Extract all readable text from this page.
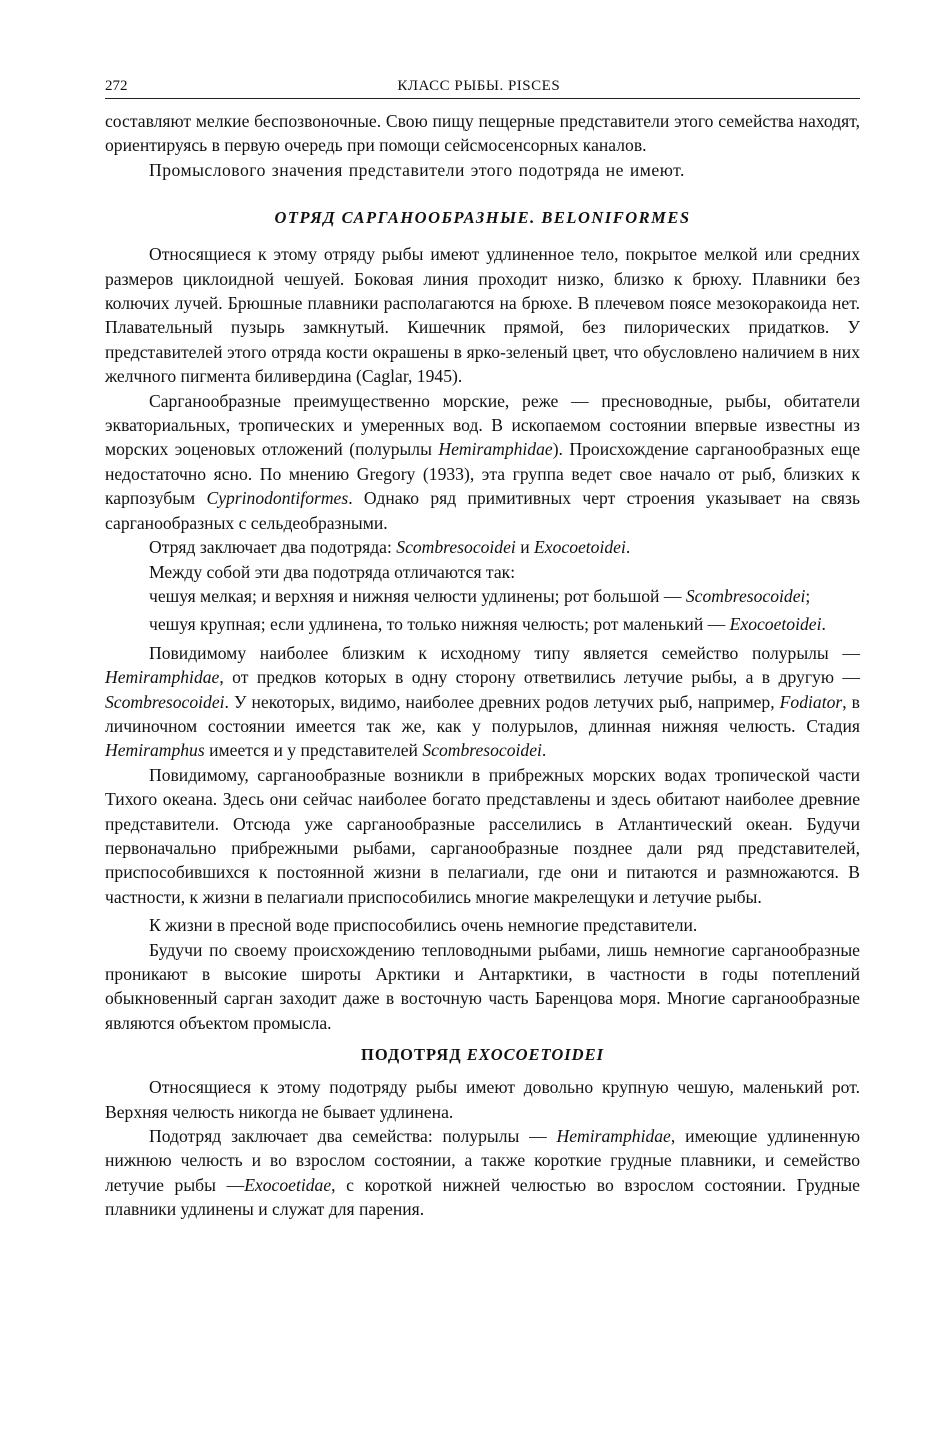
272	КЛАСС РЫБЫ. PISCES

составляют мелкие беспозвоночные. Свою пищу пещерные представители этого семейства находят, ориентируясь в первую очередь при помощи сейсмосенсорных каналов.

Промыслового значения представители этого подотряда не имеют.

ОТРЯД САРГАНООБРАЗНЫЕ. BELONIFORMES

Относящиеся к этому отряду рыбы имеют удлиненное тело, покрытое мелкой или средних размеров циклоидной чешуей. Боковая линия проходит низко, близко к брюху. Плавники без колючих лучей. Брюшные плавники располагаются на брюхе. В плечевом поясе мезокоракоида нет. Плавательный пузырь замкнутый. Кишечник прямой, без пилорических придатков. У представителей этого отряда кости окрашены в ярко-зеленый цвет, что обусловлено наличием в них желчного пигмента биливердина (Caglar, 1945).

Сарганообразные преимущественно морские, реже — пресноводные, рыбы, обитатели экваториальных, тропических и умеренных вод. В ископаемом состоянии впервые известны из морских эоценовых отложений (полурылы Hemiramphidae). Происхождение сарганообразных еще недостаточно ясно. По мнению Gregory (1933), эта группа ведет свое начало от рыб, близких к карпозубым Cyprinodontiformes. Однако ряд примитивных черт строения указывает на связь сарганообразных с сельдеобразными.

Отряд заключает два подотряда: Scombresocoidei и Exocoetoidei.

Между собой эти два подотряда отличаются так:

чешуя мелкая; и верхняя и нижняя челюсти удлинены; рот большой — Scombresocoidei;

чешуя крупная; если удлинена, то только нижняя челюсть; рот маленький — Exocoetoidei.

Повидимому наиболее близким к исходному типу является семейство полурылы — Hemiramphidae, от предков которых в одну сторону ответвились летучие рыбы, а в другую — Scombresocoidei. У некоторых, видимо, наиболее древних родов летучих рыб, например, Fodiator, в личиночном состоянии имеется так же, как у полурылов, длинная нижняя челюсть. Стадия Hemiramphus имеется и у представителей Scombresocoidei.

Повидимому, сарганообразные возникли в прибрежных морских водах тропической части Тихого океана. Здесь они сейчас наиболее богато представлены и здесь обитают наиболее древние представители. Отсюда уже сарганообразные расселились в Атлантический океан. Будучи первоначально прибрежными рыбами, сарганообразные позднее дали ряд представителей, приспособившихся к постоянной жизни в пелагиали, где они и питаются и размножаются. В частности, к жизни в пелагиали приспособились многие макрелещуки и летучие рыбы.

К жизни в пресной воде приспособились очень немногие представители.

Будучи по своему происхождению тепловодными рыбами, лишь немногие сарганообразные проникают в высокие широты Арктики и Антарктики, в частности в годы потеплений обыкновенный сарган заходит даже в восточную часть Баренцова моря. Многие сарганообразные являются объектом промысла.

ПОДОТРЯД EXOCOETOIDEI

Относящиеся к этому подотряду рыбы имеют довольно крупную чешую, маленький рот. Верхняя челюсть никогда не бывает удлинена.

Подотряд заключает два семейства: полурылы — Hemiramphidae, имеющие удлиненную нижнюю челюсть и во взрослом состоянии, а также короткие грудные плавники, и семейство летучие рыбы —Exocoetidae, с короткой нижней челюстью во взрослом состоянии. Грудные плавники удлинены и служат для парения.
